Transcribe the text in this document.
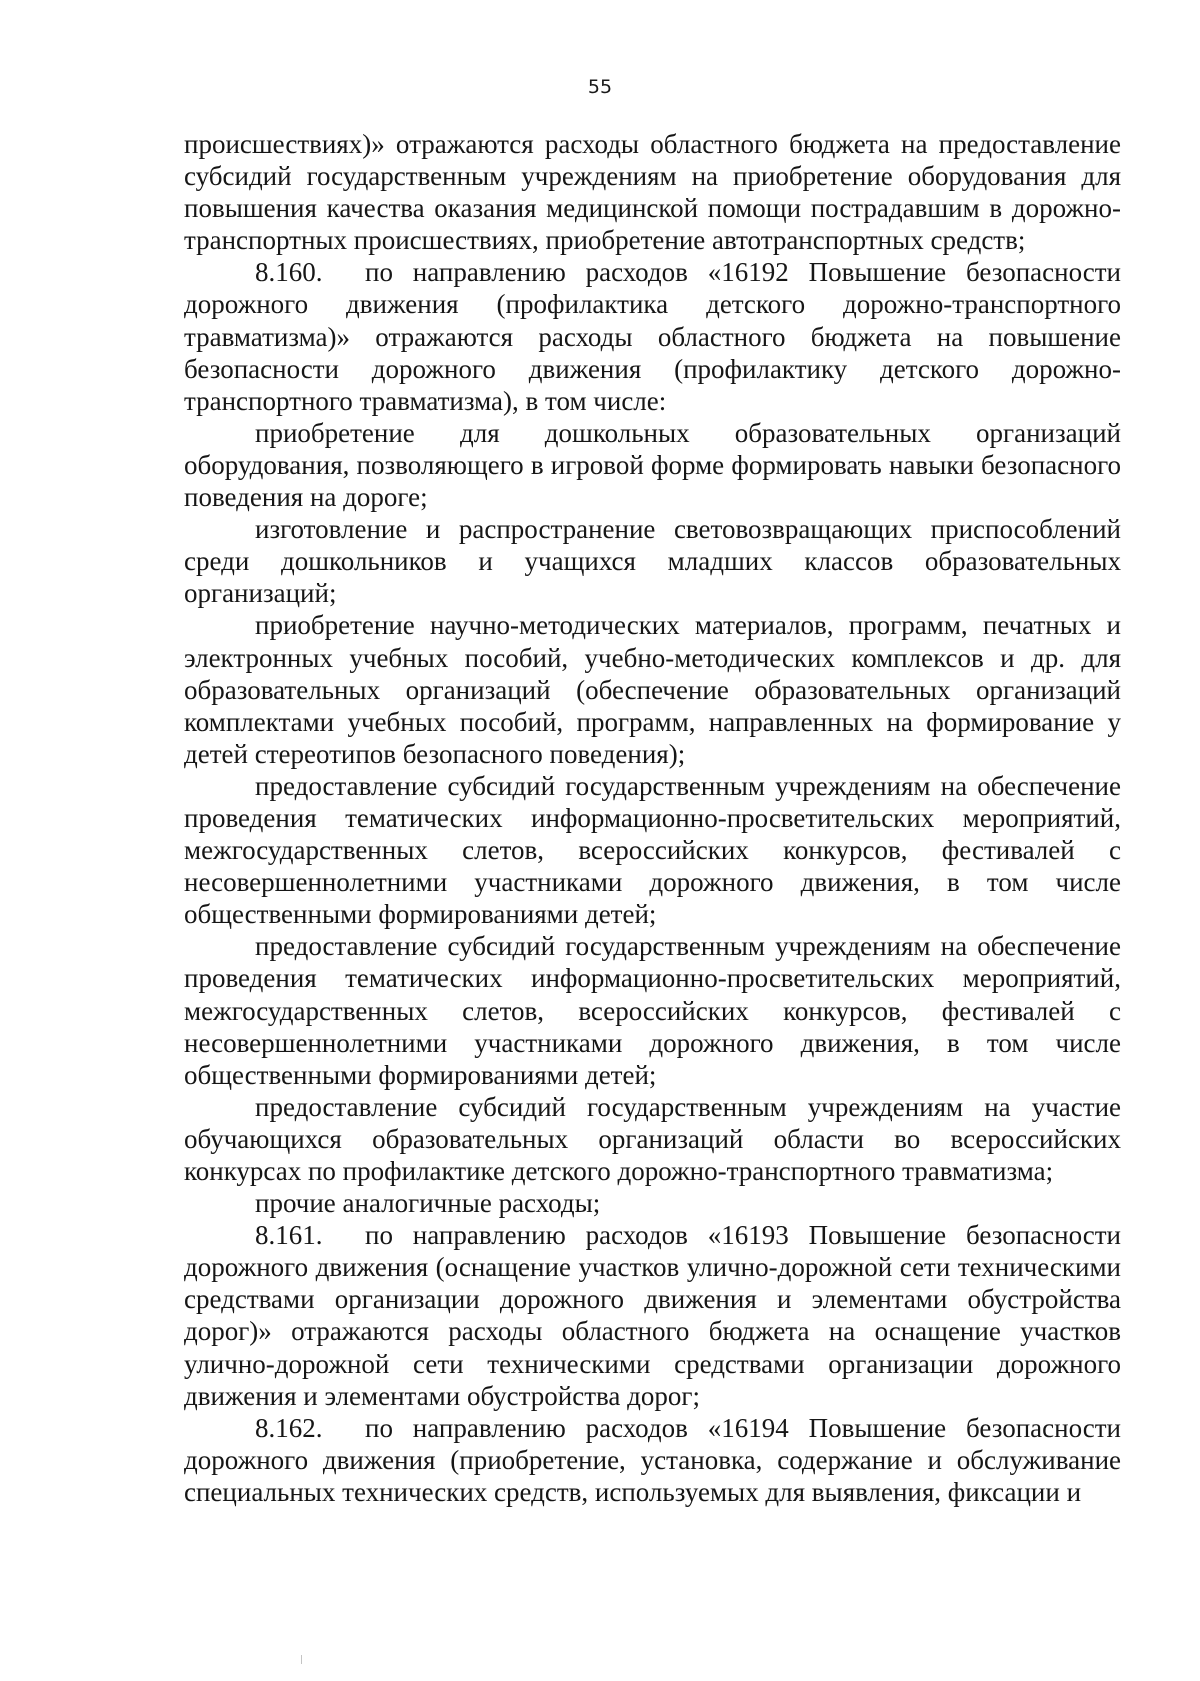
55

происшествиях)» отражаются расходы областного бюджета на предоставление субсидий государственным учреждениям на приобретение оборудования для повышения качества оказания медицинской помощи пострадавшим в дорожно-транспортных происшествиях, приобретение автотранспортных средств;

8.160. по направлению расходов «16192 Повышение безопасности дорожного движения (профилактика детского дорожно-транспортного травматизма)» отражаются расходы областного бюджета на повышение безопасности дорожного движения (профилактику детского дорожно-транспортного травматизма), в том числе:

приобретение для дошкольных образовательных организаций оборудования, позволяющего в игровой форме формировать навыки безопасного поведения на дороге;

изготовление и распространение световозвращающих приспособлений среди дошкольников и учащихся младших классов образовательных организаций;

приобретение научно-методических материалов, программ, печатных и электронных учебных пособий, учебно-методических комплексов и др. для образовательных организаций (обеспечение образовательных организаций комплектами учебных пособий, программ, направленных на формирование у детей стереотипов безопасного поведения);

предоставление субсидий государственным учреждениям на обеспечение проведения тематических информационно-просветительских мероприятий, межгосударственных слетов, всероссийских конкурсов, фестивалей с несовершеннолетними участниками дорожного движения, в том числе общественными формированиями детей;

предоставление субсидий государственным учреждениям на обеспечение проведения тематических информационно-просветительских мероприятий, межгосударственных слетов, всероссийских конкурсов, фестивалей с несовершеннолетними участниками дорожного движения, в том числе общественными формированиями детей;

предоставление субсидий государственным учреждениям на участие обучающихся образовательных организаций области во всероссийских конкурсах по профилактике детского дорожно-транспортного травматизма;

прочие аналогичные расходы;

8.161. по направлению расходов «16193 Повышение безопасности дорожного движения (оснащение участков улично-дорожной сети техническими средствами организации дорожного движения и элементами обустройства дорог)» отражаются расходы областного бюджета на оснащение участков улично-дорожной сети техническими средствами организации дорожного движения и элементами обустройства дорог;

8.162. по направлению расходов «16194 Повышение безопасности дорожного движения (приобретение, установка, содержание и обслуживание специальных технических средств, используемых для выявления, фиксации и
